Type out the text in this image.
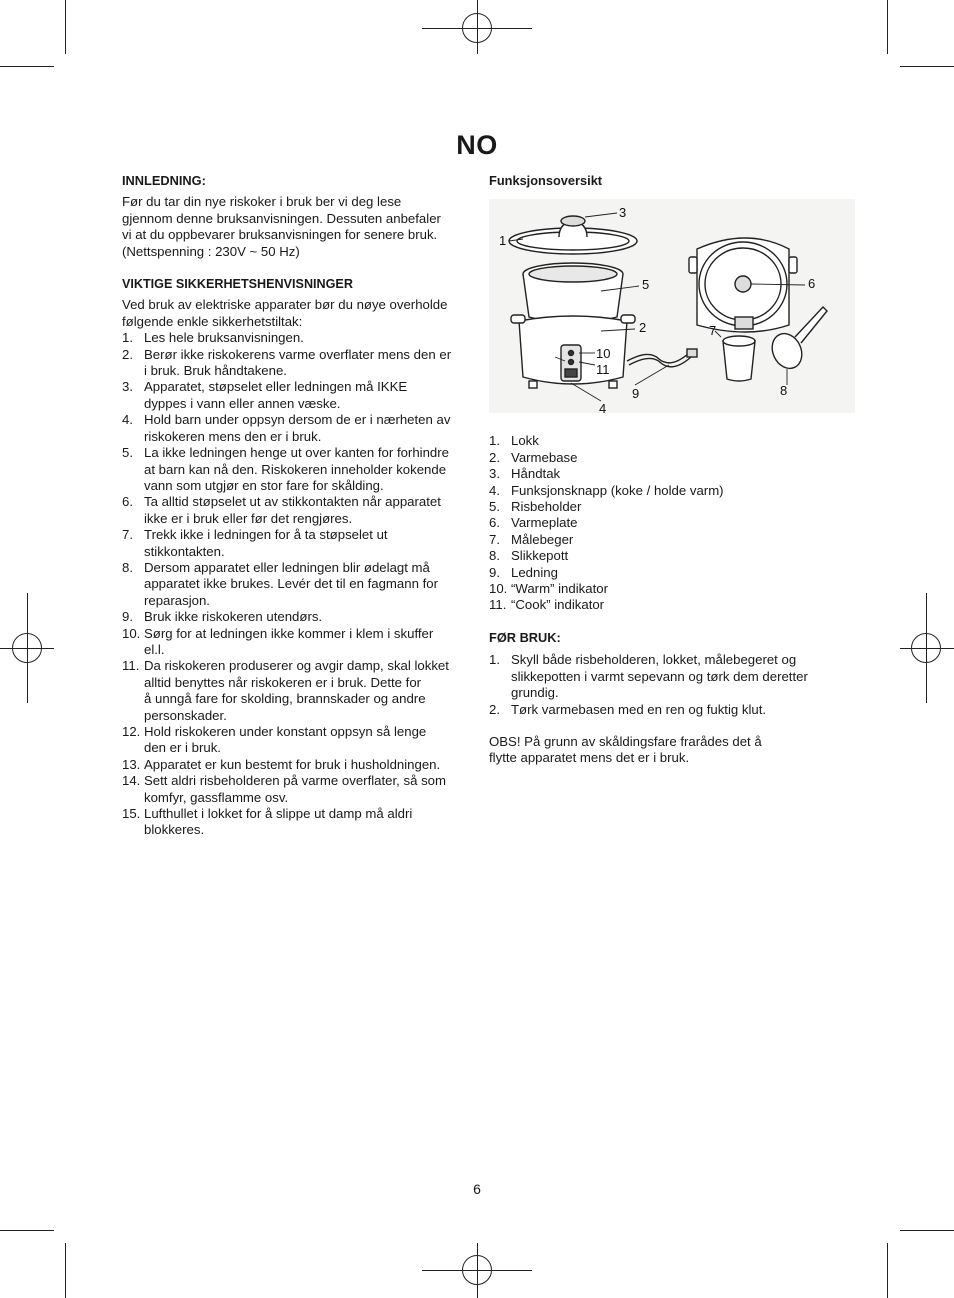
NO
INNLEDNING:

Før du tar din nye riskoker i bruk ber vi deg lese

gjennom denne bruksanvisningen. Dessuten anbefaler

vi at du oppbevarer bruksanvisningen for senere bruk.

(Nettspenning : 230V ~ 50 Hz)

VIKTIGE SIKKERHETSHENVISNINGER

Ved bruk av elektriske apparater bør du nøye overholde

følgende enkle sikkerhetstiltak:

1. Les hele bruksanvisningen.
2. Berør ikke riskokerens varme overflater mens den er
i bruk. Bruk håndtakene.
3. Apparatet, støpselet eller ledningen må IKKE
dyppes i vann eller annen væske.
4. Hold barn under oppsyn dersom de er i nærheten av
riskokeren mens den er i bruk.
5. La ikke ledningen henge ut over kanten for forhindre
at barn kan nå den. Riskokeren inneholder kokende
vann som utgjør en stor fare for skålding.
6. Ta alltid støpselet ut av stikkontakten når apparatet
ikke er i bruk eller før det rengjøres.
7. Trekk ikke i ledningen for å ta støpselet ut
stikkontakten.
8. Dersom apparatet eller ledningen blir ødelagt må
apparatet ikke brukes. Levér det til en fagmann for
reparasjon.
9. Bruk ikke riskokeren utendørs.
10. Sørg for at ledningen ikke kommer i klem i skuffer
el.l.
11. Da riskokeren produserer og avgir damp, skal lokket
alltid benyttes når riskokeren er i bruk. Dette for
å unngå fare for skolding, brannskader og andre
personskader.
12. Hold riskokeren under konstant oppsyn så lenge
den er i bruk.
13. Apparatet er kun bestemt for bruk i husholdningen.
14. Sett aldri risbeholderen på varme overflater, så som
komfyr, gassflamme osv.
15. Lufthullet i lokket for å slippe ut damp må aldri
blokkeres.
Funksjonsoversikt
1
2
3
4
5	6
7
8
9
10
11
1. Lokk
2. Varmebase
3. Håndtak
4. Funksjonsknapp (koke / holde varm)
5. Risbeholder
6. Varmeplate
7. Målebeger
8. Slikkepott
9. Ledning
10. “Warm” indikator
11. “Cook” indikator
FØR BRUK:
1. Skyll både risbeholderen, lokket, målebegeret og
slikkepotten i varmt sepevann og tørk dem deretter
grundig.
2. Tørk varmebasen med en ren og fuktig klut.

OBS! På grunn av skåldingsfare frarådes det å

flytte apparatet mens det er i bruk.

6
